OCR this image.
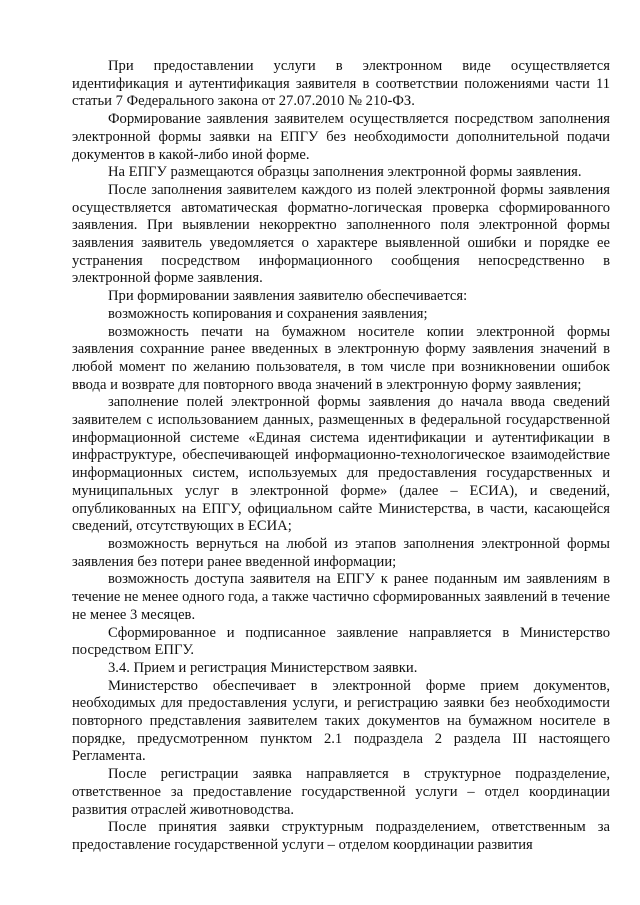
При предоставлении услуги в электронном виде осуществляется идентификация и аутентификация заявителя в соответствии положениями части 11 статьи 7 Федерального закона от 27.07.2010 № 210-ФЗ.

Формирование заявления заявителем осуществляется посредством заполнения электронной формы заявки на ЕПГУ без необходимости дополнительной подачи документов в какой-либо иной форме.

На ЕПГУ размещаются образцы заполнения электронной формы заявления.

После заполнения заявителем каждого из полей электронной формы заявления осуществляется автоматическая форматно-логическая проверка сформированного заявления. При выявлении некорректно заполненного поля электронной формы заявления заявитель уведомляется о характере выявленной ошибки и порядке ее устранения посредством информационного сообщения непосредственно в электронной форме заявления.

При формировании заявления заявителю обеспечивается:

возможность копирования и сохранения заявления;

возможность печати на бумажном носителе копии электронной формы заявления сохранние ранее введенных в электронную форму заявления значений в любой момент по желанию пользователя, в том числе при возникновении ошибок ввода и возврате для повторного ввода значений в электронную форму заявления;

заполнение полей электронной формы заявления до начала ввода сведений заявителем с использованием данных, размещенных в федеральной государственной информационной системе «Единая система идентификации и аутентификации в инфраструктуре, обеспечивающей информационно-технологическое взаимодействие информационных систем, используемых для предоставления государственных и муниципальных услуг в электронной форме» (далее – ЕСИА), и сведений, опубликованных на ЕПГУ, официальном сайте Министерства, в части, касающейся сведений, отсутствующих в ЕСИА;

возможность вернуться на любой из этапов заполнения электронной формы заявления без потери ранее введенной информации;

возможность доступа заявителя на ЕПГУ к ранее поданным им заявлениям в течение не менее одного года, а также частично сформированных заявлений в течение не менее 3 месяцев.

Сформированное и подписанное заявление направляется в Министерство посредством ЕПГУ.

3.4. Прием и регистрация Министерством заявки.

Министерство обеспечивает в электронной форме прием документов, необходимых для предоставления услуги, и регистрацию заявки без необходимости повторного представления заявителем таких документов на бумажном носителе в порядке, предусмотренном пунктом 2.1 подраздела 2 раздела III настоящего Регламента.

После регистрации заявка направляется в структурное подразделение, ответственное за предоставление государственной услуги – отдел координации развития отраслей животноводства.

После принятия заявки структурным подразделением, ответственным за предоставление государственной услуги – отделом координации развития
